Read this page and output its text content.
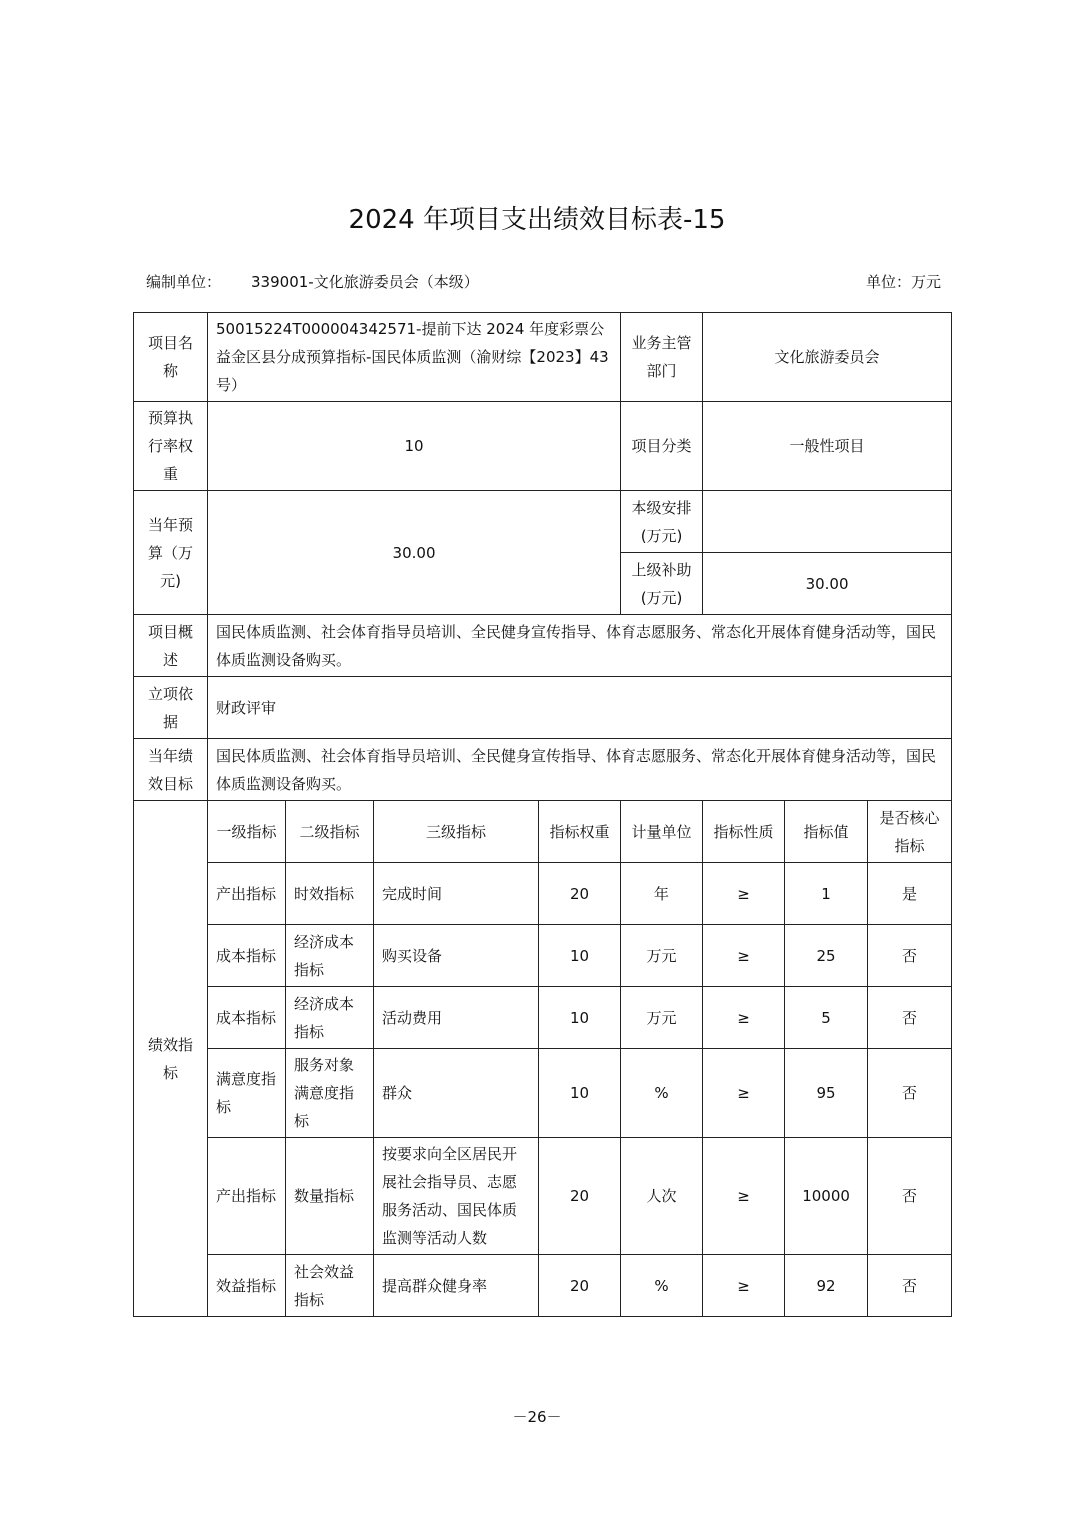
2024 年项目支出绩效目标表-15
编制单位： 339001-文化旅游委员会（本级）	单位：万元
项目名称	50015224T000004342571-提前下达 2024 年度彩票公益金区县分成预算指标-国民体质监测（渝财综【2023】43 号）				业务主管部门	文化旅游委员会		
预算执行率权重	10				项目分类	一般性项目		
当年预算（万元)	30.00				本级安排(万元)			
					上级补助(万元)	30.00		
项目概述	国民体质监测、社会体育指导员培训、全民健身宣传指导、体育志愿服务、常态化开展体育健身活动等，国民体质监测设备购买。							
立项依据	财政评审							
当年绩效目标	国民体质监测、社会体育指导员培训、全民健身宣传指导、体育志愿服务、常态化开展体育健身活动等，国民体质监测设备购买。							
绩效指标	一级指标	二级指标	三级指标	指标权重	计量单位	指标性质	指标值	是否核心指标
	产出指标	时效指标	完成时间	20	年	≥	1	是
	成本指标	经济成本指标	购买设备	10	万元	≥	25	否
	成本指标	经济成本指标	活动费用	10	万元	≥	5	否
	满意度指标	服务对象满意度指标	群众	10	%	≥	95	否
	产出指标	数量指标	按要求向全区居民开展社会指导员、志愿服务活动、国民体质监测等活动人数	20	人次	≥	10000	否
	效益指标	社会效益指标	提高群众健身率	20	%	≥	92	否
－26－
